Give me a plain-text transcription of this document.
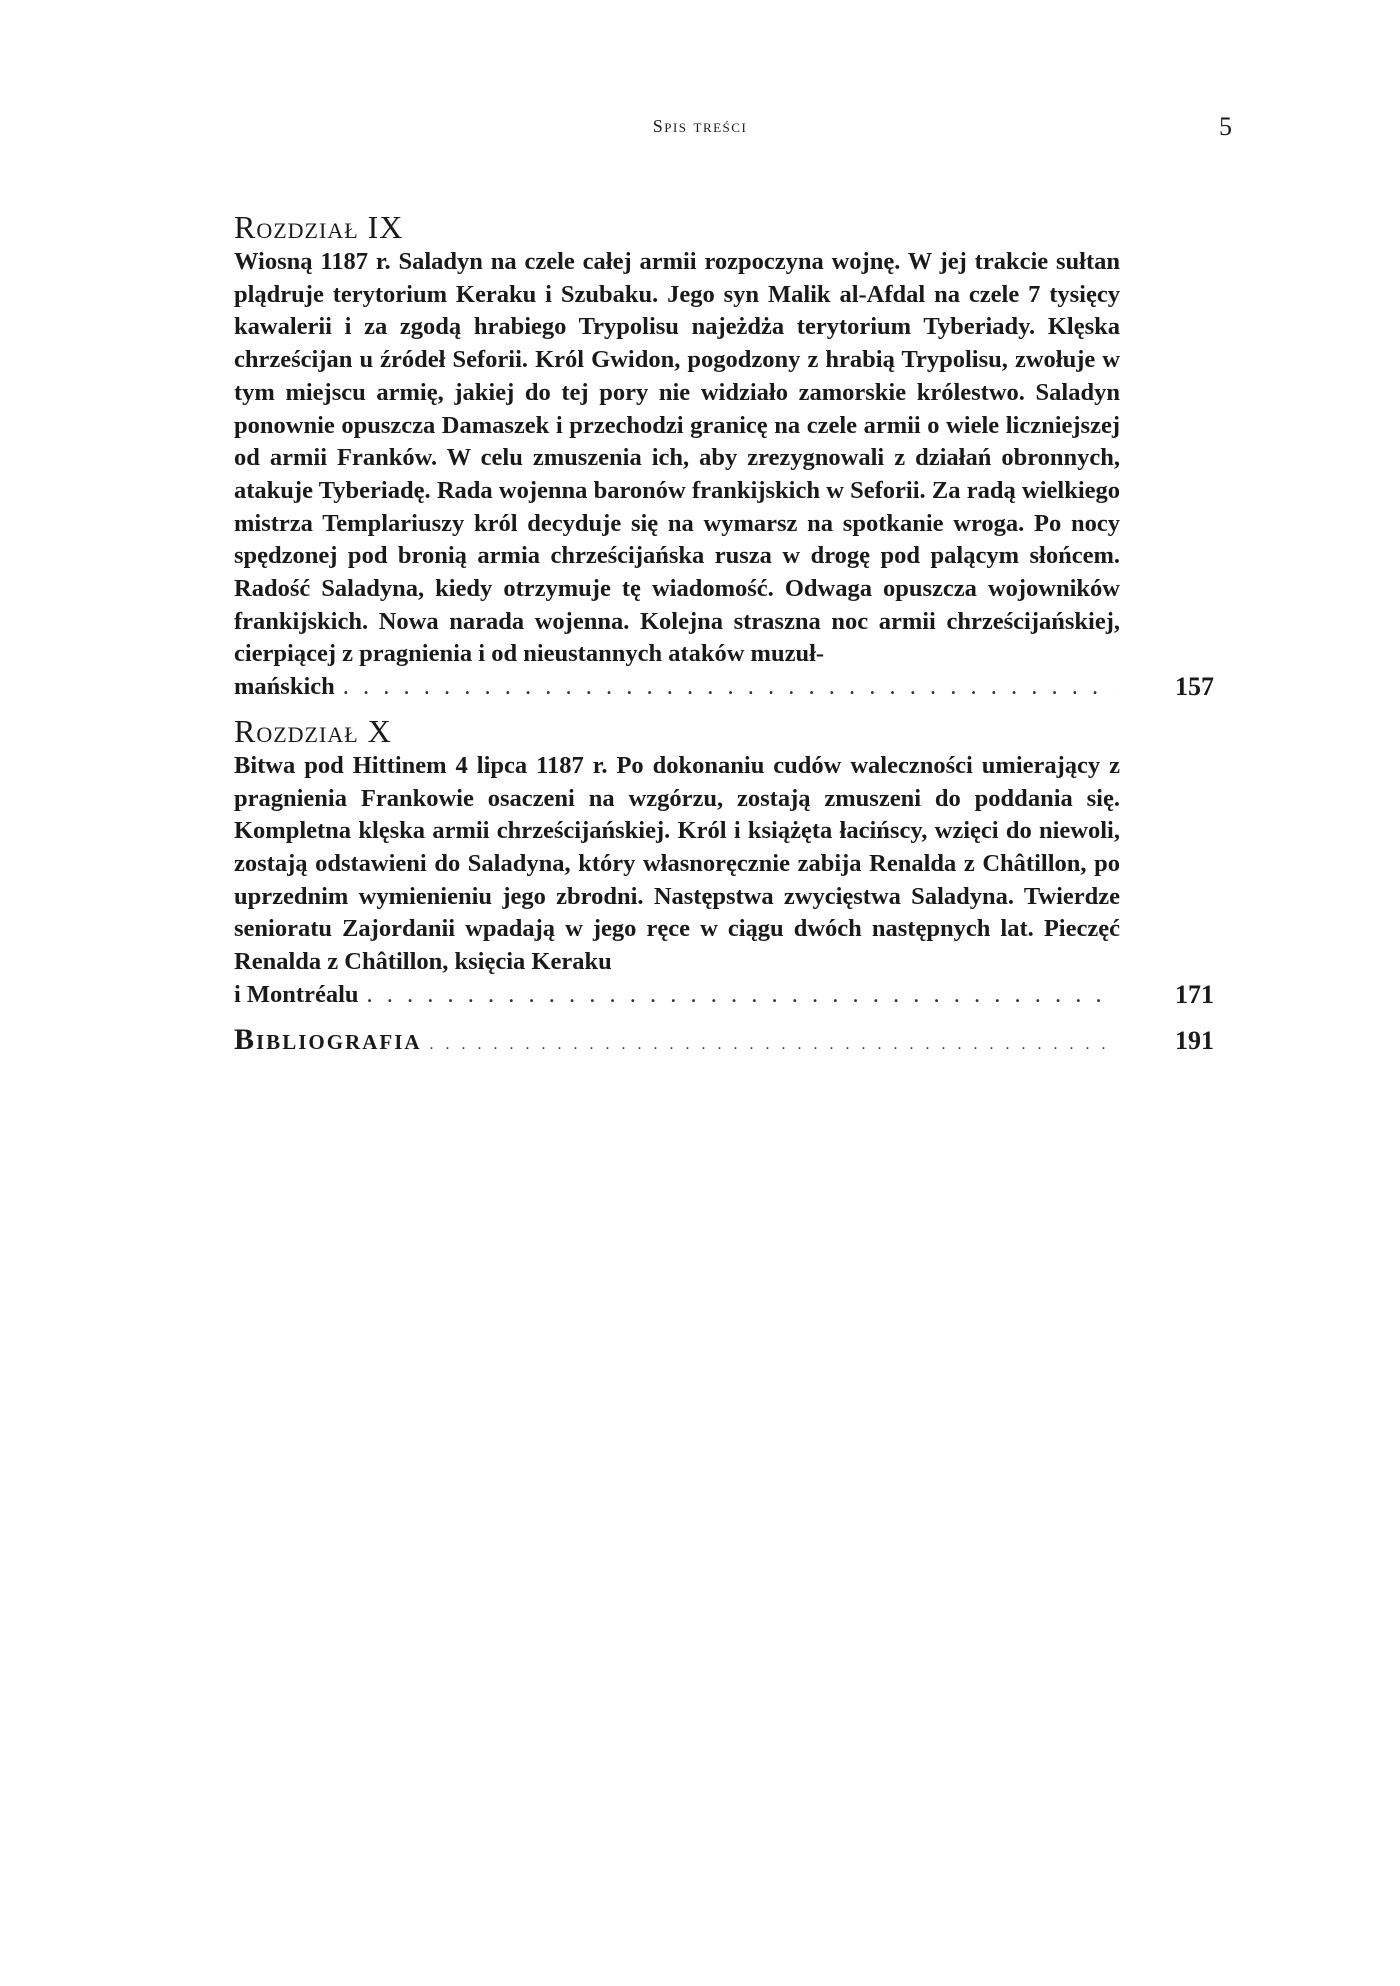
Spis treści	5
Rozdział IX
Wiosną 1187 r. Saladyn na czele całej armii rozpoczyna wojnę. W jej trakcie sułtan plądruje terytorium Keraku i Szubaku. Jego syn Malik al-Afdal na czele 7 tysięcy kawalerii i za zgodą hrabiego Trypolisu najeżdża terytorium Tyberiady. Klęska chrześcijan u źródeł Seforii. Król Gwidon, pogodzony z hrabią Trypolisu, zwołuje w tym miejscu armię, jakiej do tej pory nie widziało zamorskie królestwo. Saladyn ponownie opuszcza Damaszek i przechodzi granicę na czele armii o wiele liczniejszej od armii Franków. W celu zmuszenia ich, aby zrezygnowali z działań obronnych, atakuje Tyberiadę. Rada wojenna baronów frankijskich w Seforii. Za radą wielkiego mistrza Templariuszy król decyduje się na wymarsz na spotkanie wroga. Po nocy spędzonej pod bronią armia chrześcijańska rusza w drogę pod palącym słońcem. Radość Saladyna, kiedy otrzymuje tę wiadomość. Odwaga opuszcza wojowników frankijskich. Nowa narada wojenna. Kolejna straszna noc armii chrześcijańskiej, cierpiącej z pragnienia i od nieustannych ataków muzuł-
mańskich . . .	157
Rozdział X
Bitwa pod Hittinem 4 lipca 1187 r. Po dokonaniu cudów waleczności umierający z pragnienia Frankowie osaczeni na wzgórzu, zostają zmuszeni do poddania się. Kompletna klęska armii chrześcijańskiej. Król i książęta łacińscy, wzięci do niewoli, zostają odstawieni do Saladyna, który własnoręcznie zabija Renalda z Châtillon, po uprzednim wymienieniu jego zbrodni. Następstwa zwycięstwa Saladyna. Twierdze senioratu Zajordanii wpadają w jego ręce w ciągu dwóch następnych lat. Pieczęć Renalda z Châtillon, księcia Keraku
i Montréalu . . .	171
Bibliografia . . .	191
